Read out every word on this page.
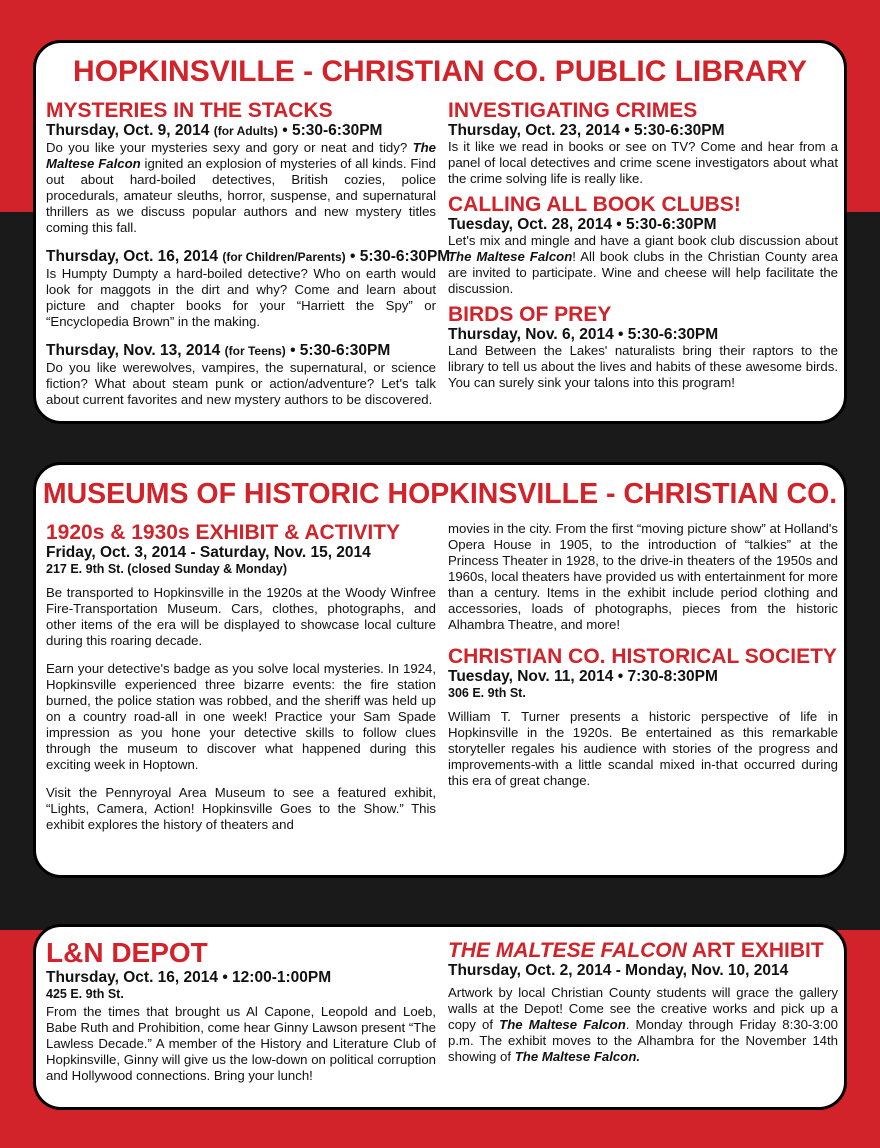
HOPKINSVILLE - CHRISTIAN CO. PUBLIC LIBRARY

MYSTERIES IN THE STACKS

Thursday, Oct. 9, 2014 (for Adults) • 5:30-6:30PM

Do you like your mysteries sexy and gory or neat and tidy? The Maltese Falcon ignited an explosion of mysteries of all kinds. Find out about hard-boiled detectives, British cozies, police procedurals, amateur sleuths, horror, suspense, and supernatural thrillers as we discuss popular authors and new mystery titles coming this fall.

Thursday, Oct. 16, 2014 (for Children/Parents) • 5:30-6:30PM

Is Humpty Dumpty a hard-boiled detective? Who on earth would look for maggots in the dirt and why? Come and learn about picture and chapter books for your “Harriett the Spy” or “Encyclopedia Brown” in the making.

Thursday, Nov. 13, 2014 (for Teens) • 5:30-6:30PM

Do you like werewolves, vampires, the supernatural, or science fiction? What about steam punk or action/adventure? Let's talk about current favorites and new mystery authors to be discovered.

INVESTIGATING CRIMES

Thursday, Oct. 23, 2014 • 5:30-6:30PM

Is it like we read in books or see on TV? Come and hear from a panel of local detectives and crime scene investigators about what the crime solving life is really like.

CALLING ALL BOOK CLUBS!

Tuesday, Oct. 28, 2014 • 5:30-6:30PM

Let's mix and mingle and have a giant book club discussion about The Maltese Falcon! All book clubs in the Christian County area are invited to participate. Wine and cheese will help facilitate the discussion.

BIRDS OF PREY

Thursday, Nov. 6, 2014 • 5:30-6:30PM

Land Between the Lakes' naturalists bring their raptors to the library to tell us about the lives and habits of these awesome birds. You can surely sink your talons into this program!

MUSEUMS OF HISTORIC HOPKINSVILLE - CHRISTIAN CO.

1920s & 1930s EXHIBIT & ACTIVITY

Friday, Oct. 3, 2014 - Saturday, Nov. 15, 2014

217 E. 9th St. (closed Sunday & Monday)

Be transported to Hopkinsville in the 1920s at the Woody Winfree Fire-Transportation Museum. Cars, clothes, photographs, and other items of the era will be displayed to showcase local culture during this roaring decade.

Earn your detective's badge as you solve local mysteries. In 1924, Hopkinsville experienced three bizarre events: the fire station burned, the police station was robbed, and the sheriff was held up on a country road-all in one week! Practice your Sam Spade impression as you hone your detective skills to follow clues through the museum to discover what happened during this exciting week in Hoptown.

Visit the Pennyroyal Area Museum to see a featured exhibit, “Lights, Camera, Action! Hopkinsville Goes to the Show.” This exhibit explores the history of theaters and

movies in the city. From the first “moving picture show” at Holland's Opera House in 1905, to the introduction of “talkies” at the Princess Theater in 1928, to the drive-in theaters of the 1950s and 1960s, local theaters have provided us with entertainment for more than a century. Items in the exhibit include period clothing and accessories, loads of photographs, pieces from the historic Alhambra Theatre, and more!

CHRISTIAN CO. HISTORICAL SOCIETY

Tuesday, Nov. 11, 2014 • 7:30-8:30PM

306 E. 9th St.

William T. Turner presents a historic perspective of life in Hopkinsville in the 1920s. Be entertained as this remarkable storyteller regales his audience with stories of the progress and improvements-with a little scandal mixed in-that occurred during this era of great change.

L&N DEPOT

Thursday, Oct. 16, 2014 • 12:00-1:00PM

425 E. 9th St.

From the times that brought us Al Capone, Leopold and Loeb, Babe Ruth and Prohibition, come hear Ginny Lawson present “The Lawless Decade.” A member of the History and Literature Club of Hopkinsville, Ginny will give us the low-down on political corruption and Hollywood connections. Bring your lunch!

THE MALTESE FALCON ART EXHIBIT

Thursday, Oct. 2, 2014 - Monday, Nov. 10, 2014

Artwork by local Christian County students will grace the gallery walls at the Depot! Come see the creative works and pick up a copy of The Maltese Falcon. Monday through Friday 8:30-3:00 p.m. The exhibit moves to the Alhambra for the November 14th showing of The Maltese Falcon.
